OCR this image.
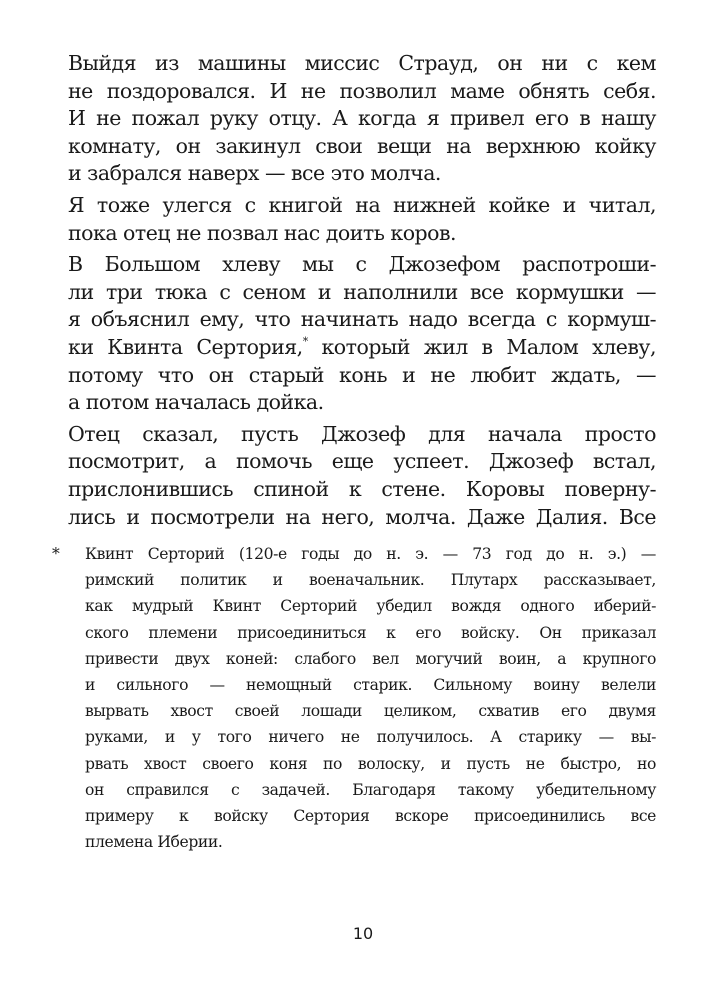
Выйдя из машины миссис Страуд, он ни с кем
не поздоровался. И не позволил маме обнять себя.
И не пожал руку отцу. А когда я привел его в нашу
комнату, он закинул свои вещи на верхнюю койку
и забрался наверх — все это молча.
Я тоже улегся с книгой на нижней койке и читал,
пока отец не позвал нас доить коров.
В Большом хлеву мы с Джозефом распотроши-
ли три тюка с сеном и наполнили все кормушки —
я объяснил ему, что начинать надо всегда с кормуш-
ки Квинта Сертория,* который жил в Малом хлеву,
потому что он старый конь и не любит ждать, —
а потом началась дойка.
Отец сказал, пусть Джозеф для начала просто
посмотрит, а помочь еще успеет. Джозеф встал,
прислонившись спиной к стене. Коровы поверну-
лись и посмотрели на него, молча. Даже Далия. Все
* Квинт Серторий (120-е годы до н. э. — 73 год до н. э.) —
римский политик и военачальник. Плутарх рассказывает,
как мудрый Квинт Серторий убедил вождя одного иберий-
ского племени присоединиться к его войску. Он приказал
привести двух коней: слабого вел могучий воин, а крупного
и сильного — немощный старик. Сильному воину велели
вырвать хвост своей лошади целиком, схватив его двумя
руками, и у того ничего не получилось. А старику — вы-
рвать хвост своего коня по волоску, и пусть не быстро, но
он справился с задачей. Благодаря такому убедительному
примеру к войску Сертория вскоре присоединились все
племена Иберии.
10
